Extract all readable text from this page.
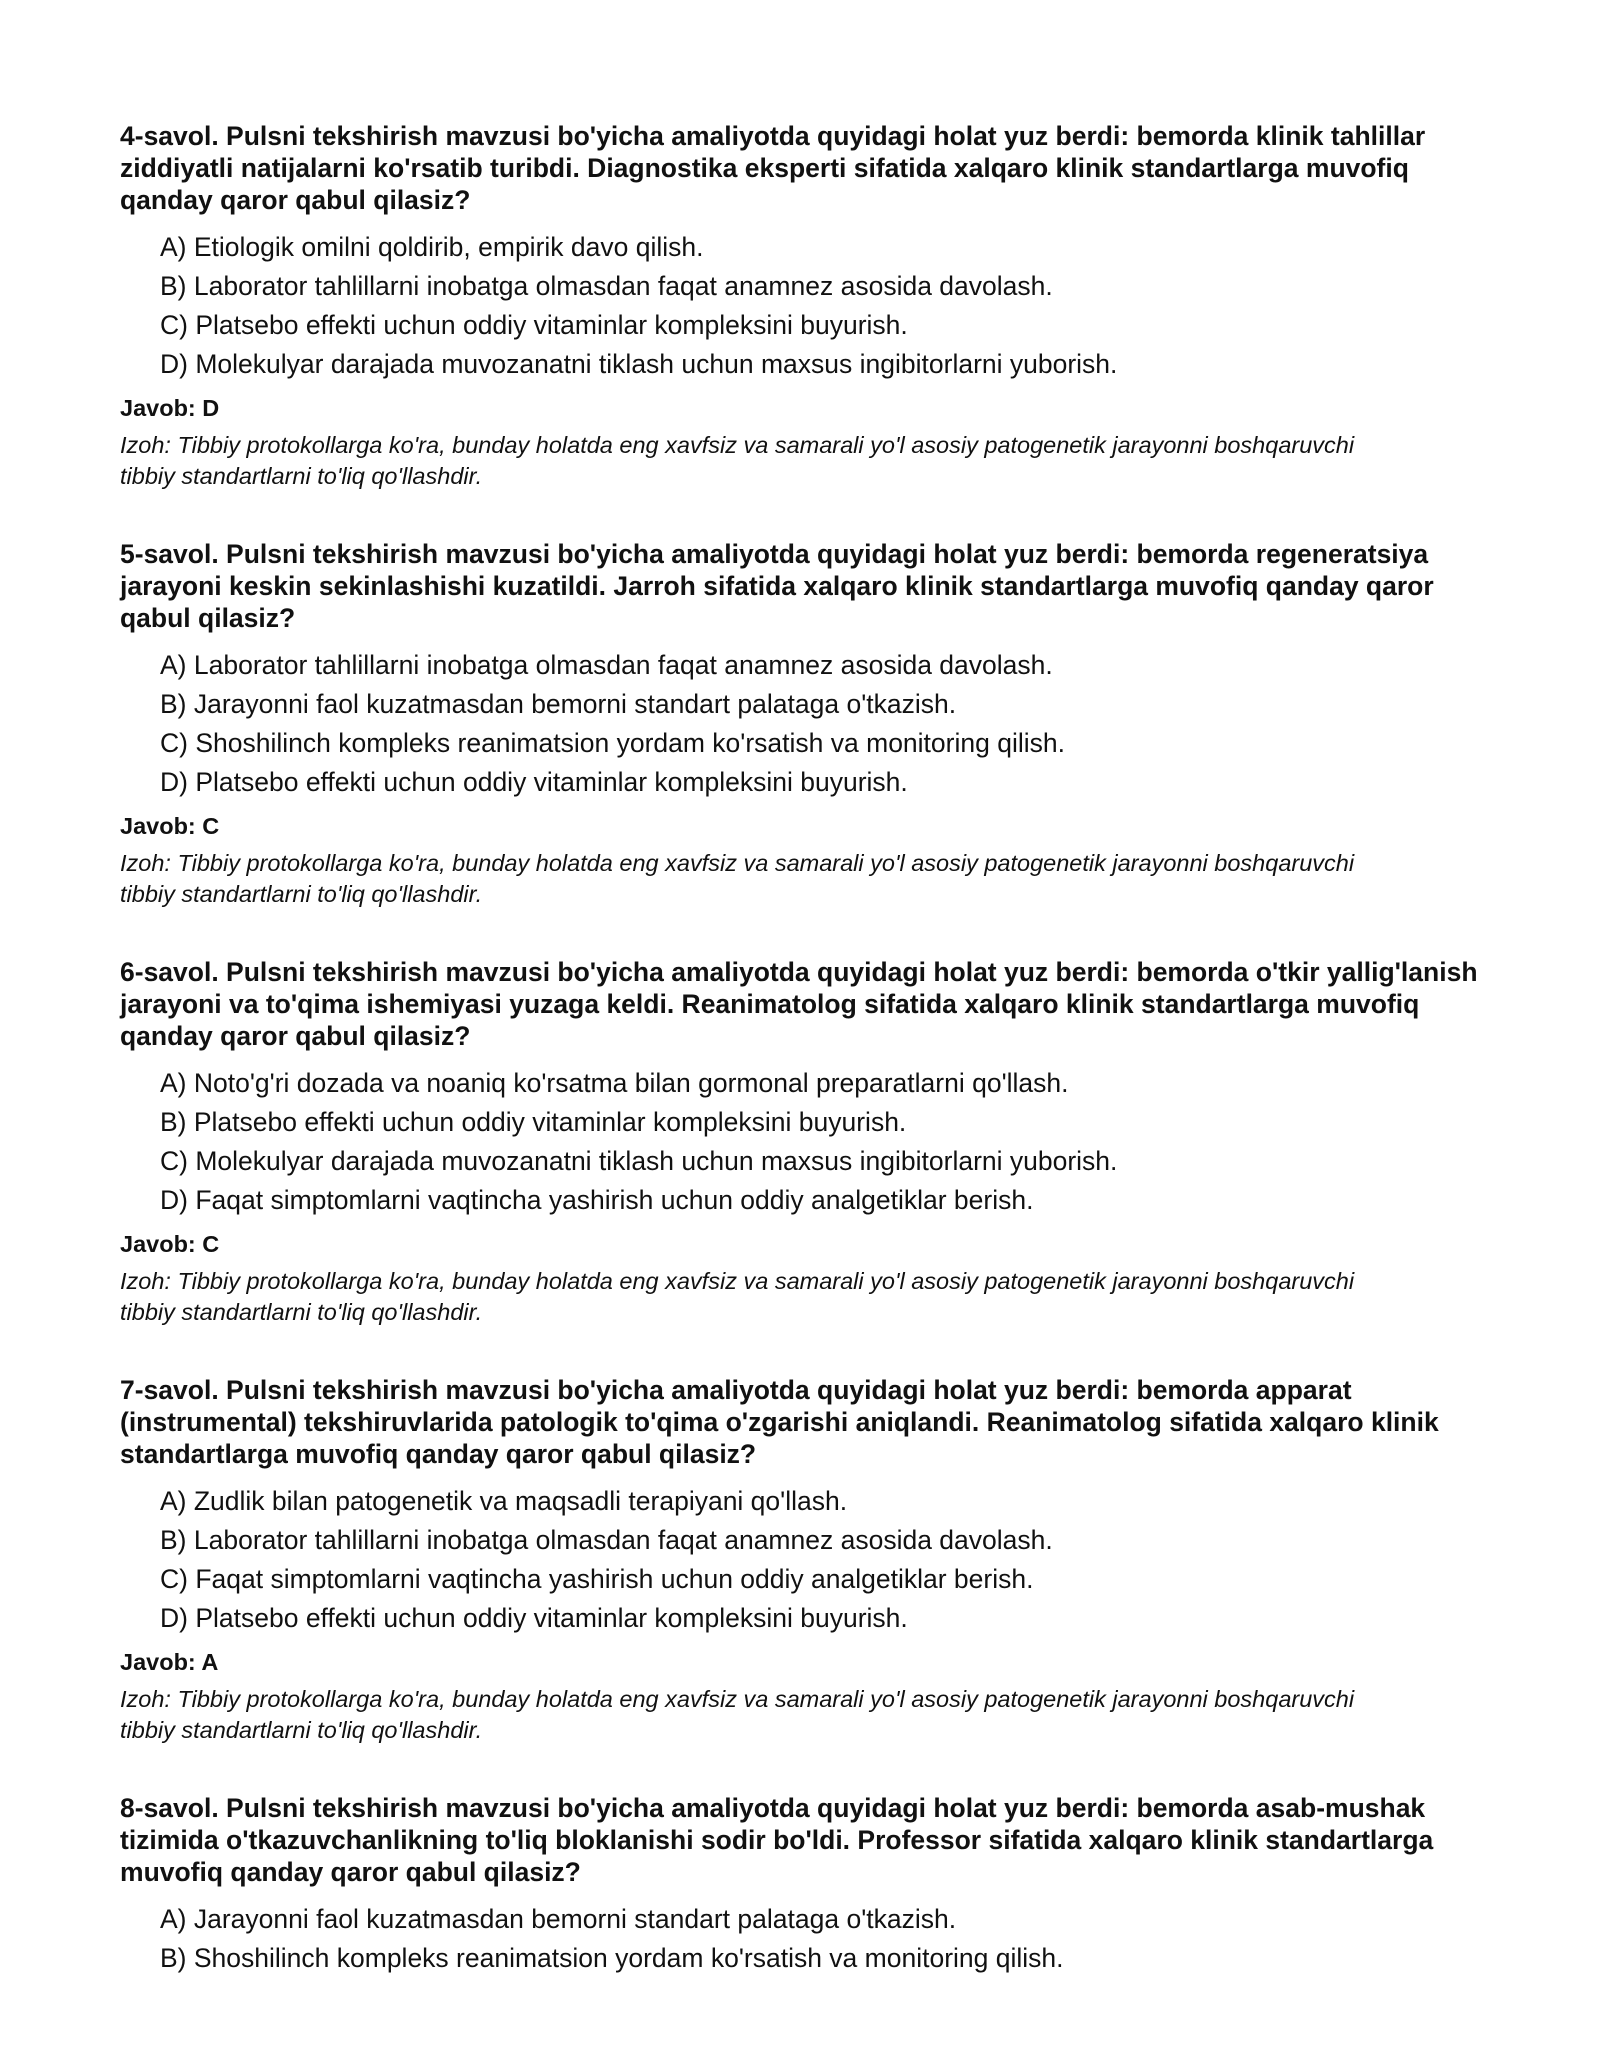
4-savol. Pulsni tekshirish mavzusi bo'yicha amaliyotda quyidagi holat yuz berdi: bemorda klinik tahlillar ziddiyatli natijalarni ko'rsatib turibdi. Diagnostika eksperti sifatida xalqaro klinik standartlarga muvofiq qanday qaror qabul qilasiz?

A) Etiologik omilni qoldirib, empirik davo qilish.
B) Laborator tahlillarni inobatga olmasdan faqat anamnez asosida davolash.
C) Platsebo effekti uchun oddiy vitaminlar kompleksini buyurish.
D) Molekulyar darajada muvozanatni tiklash uchun maxsus ingibitorlarni yuborish.

Javob: D

Izoh: Tibbiy protokollarga ko'ra, bunday holatda eng xavfsiz va samarali yo'l asosiy patogenetik jarayonni boshqaruvchi tibbiy standartlarni to'liq qo'llashdir.

5-savol. Pulsni tekshirish mavzusi bo'yicha amaliyotda quyidagi holat yuz berdi: bemorda regeneratsiya jarayoni keskin sekinlashishi kuzatildi. Jarroh sifatida xalqaro klinik standartlarga muvofiq qanday qaror qabul qilasiz?

A) Laborator tahlillarni inobatga olmasdan faqat anamnez asosida davolash.
B) Jarayonni faol kuzatmasdan bemorni standart palataga o'tkazish.
C) Shoshilinch kompleks reanimatsion yordam ko'rsatish va monitoring qilish.
D) Platsebo effekti uchun oddiy vitaminlar kompleksini buyurish.

Javob: C

Izoh: Tibbiy protokollarga ko'ra, bunday holatda eng xavfsiz va samarali yo'l asosiy patogenetik jarayonni boshqaruvchi tibbiy standartlarni to'liq qo'llashdir.

6-savol. Pulsni tekshirish mavzusi bo'yicha amaliyotda quyidagi holat yuz berdi: bemorda o'tkir yallig'lanish jarayoni va to'qima ishemiyasi yuzaga keldi. Reanimatolog sifatida xalqaro klinik standartlarga muvofiq qanday qaror qabul qilasiz?

A) Noto'g'ri dozada va noaniq ko'rsatma bilan gormonal preparatlarni qo'llash.
B) Platsebo effekti uchun oddiy vitaminlar kompleksini buyurish.
C) Molekulyar darajada muvozanatni tiklash uchun maxsus ingibitorlarni yuborish.
D) Faqat simptomlarni vaqtincha yashirish uchun oddiy analgetiklar berish.

Javob: C

Izoh: Tibbiy protokollarga ko'ra, bunday holatda eng xavfsiz va samarali yo'l asosiy patogenetik jarayonni boshqaruvchi tibbiy standartlarni to'liq qo'llashdir.

7-savol. Pulsni tekshirish mavzusi bo'yicha amaliyotda quyidagi holat yuz berdi: bemorda apparat (instrumental) tekshiruvlarida patologik to'qima o'zgarishi aniqlandi. Reanimatolog sifatida xalqaro klinik standartlarga muvofiq qanday qaror qabul qilasiz?

A) Zudlik bilan patogenetik va maqsadli terapiyani qo'llash.
B) Laborator tahlillarni inobatga olmasdan faqat anamnez asosida davolash.
C) Faqat simptomlarni vaqtincha yashirish uchun oddiy analgetiklar berish.
D) Platsebo effekti uchun oddiy vitaminlar kompleksini buyurish.

Javob: A

Izoh: Tibbiy protokollarga ko'ra, bunday holatda eng xavfsiz va samarali yo'l asosiy patogenetik jarayonni boshqaruvchi tibbiy standartlarni to'liq qo'llashdir.

8-savol. Pulsni tekshirish mavzusi bo'yicha amaliyotda quyidagi holat yuz berdi: bemorda asab-mushak tizimida o'tkazuvchanlikning to'liq bloklanishi sodir bo'ldi. Professor sifatida xalqaro klinik standartlarga muvofiq qanday qaror qabul qilasiz?

A) Jarayonni faol kuzatmasdan bemorni standart palataga o'tkazish.
B) Shoshilinch kompleks reanimatsion yordam ko'rsatish va monitoring qilish.
